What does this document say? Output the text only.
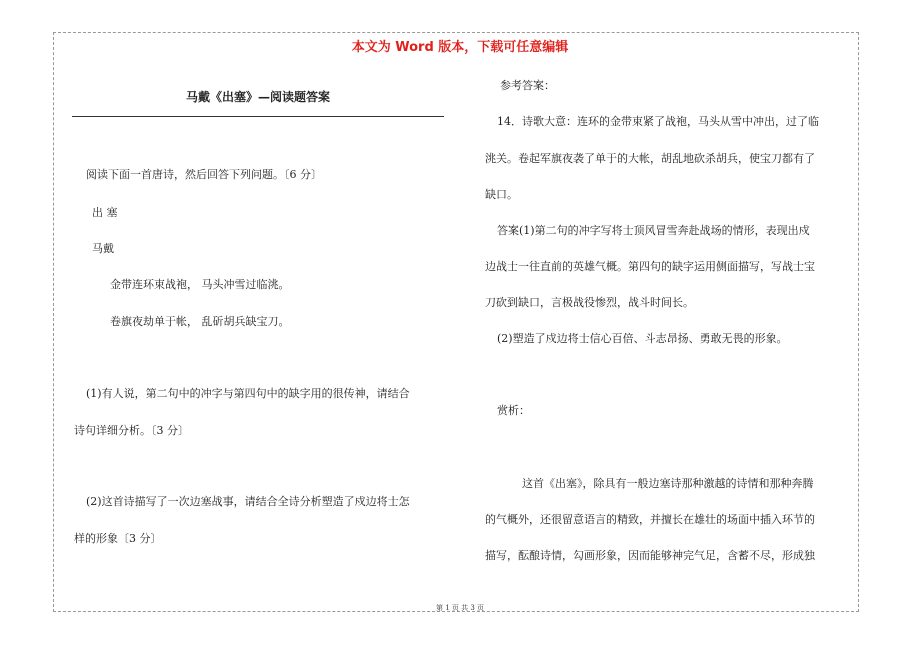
本文为 Word 版本，下载可任意编辑
马戴《出塞》—阅读题答案
阅读下面一首唐诗，然后回答下列问题。〔6 分〕
出 塞
马戴
金带连环束战袍， 马头冲雪过临洮。
卷旗夜劫单于帐， 乱斫胡兵缺宝刀。
(1)有人说，第二句中的冲字与第四句中的缺字用的很传神，请结合
诗句详细分析。〔3 分〕
(2)这首诗描写了一次边塞战事，请结合全诗分析塑造了戍边将士怎
样的形象〔3 分〕
参考答案：
14．诗歌大意：连环的金带束紧了战袍，马头从雪中冲出，过了临
洮关。卷起军旗夜袭了单于的大帐，胡乱地砍杀胡兵，使宝刀都有了
缺口。
答案(1)第二句的冲字写将士顶风冒雪奔赴战场的情形，表现出戍
边战士一往直前的英雄气概。第四句的缺字运用侧面描写，写战士宝
刀砍到缺口，言极战役惨烈，战斗时间长。
(2)塑造了戍边将士信心百倍、斗志昂扬、勇敢无畏的形象。
赏析：
这首《出塞》，除具有一般边塞诗那种激越的诗情和那种奔腾
的气概外，还很留意语言的精致，并擅长在雄壮的场面中插入环节的
描写，酝酿诗情，勾画形象，因而能够神完气足，含蓄不尽，形成独
第 1 页 共 3 页
